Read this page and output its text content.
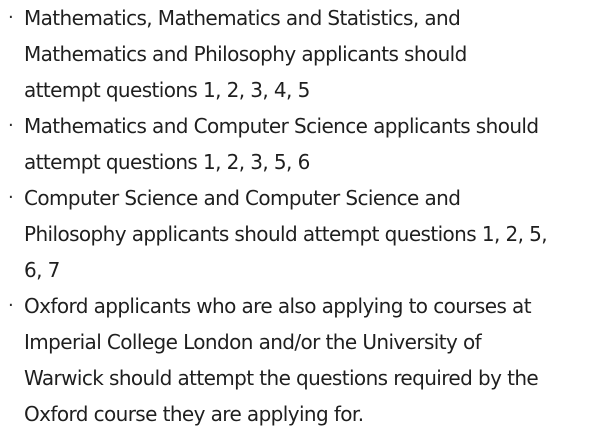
· Mathematics, Mathematics and Statistics, and
Mathematics and Philosophy applicants should
attempt questions 1, 2, 3, 4, 5
· Mathematics and Computer Science applicants should
attempt questions 1, 2, 3, 5, 6
· Computer Science and Computer Science and
Philosophy applicants should attempt questions 1, 2, 5,
6, 7
· Oxford applicants who are also applying to courses at
Imperial College London and/or the University of
Warwick should attempt the questions required by the
Oxford course they are applying for.
